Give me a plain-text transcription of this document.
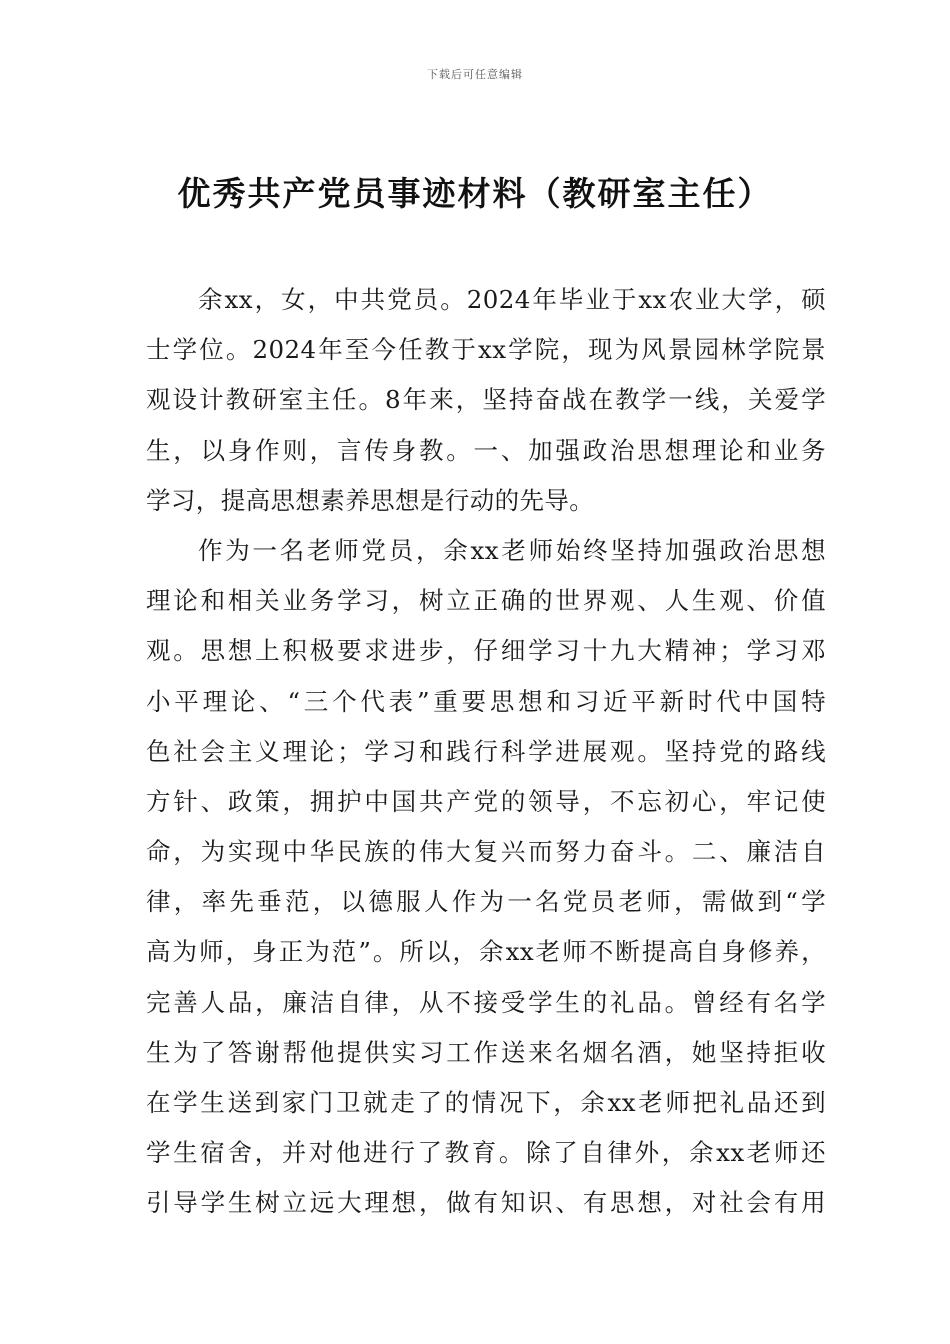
下载后可任意编辑
优秀共产党员事迹材料（教研室主任）
余xx，女，中共党员。2024年毕业于xx农业大学，硕
士学位。2024年至今任教于xx学院，现为风景园林学院景
观设计教研室主任。8年来，坚持奋战在教学一线，关爱学
生，以身作则，言传身教。一、加强政治思想理论和业务
学习，提高思想素养思想是行动的先导。
作为一名老师党员，余xx老师始终坚持加强政治思想
理论和相关业务学习，树立正确的世界观、人生观、价值
观。思想上积极要求进步，仔细学习十九大精神；学习邓
小平理论、“三个代表”重要思想和习近平新时代中国特
色社会主义理论；学习和践行科学进展观。坚持党的路线
方针、政策，拥护中国共产党的领导，不忘初心，牢记使
命，为实现中华民族的伟大复兴而努力奋斗。二、廉洁自
律，率先垂范，以德服人作为一名党员老师，需做到“学
高为师，身正为范”。所以，余xx老师不断提高自身修养，
完善人品，廉洁自律，从不接受学生的礼品。曾经有名学
生为了答谢帮他提供实习工作送来名烟名酒，她坚持拒收
在学生送到家门卫就走了的情况下，余xx老师把礼品还到
学生宿舍，并对他进行了教育。除了自律外，余xx老师还
引导学生树立远大理想，做有知识、有思想，对社会有用
